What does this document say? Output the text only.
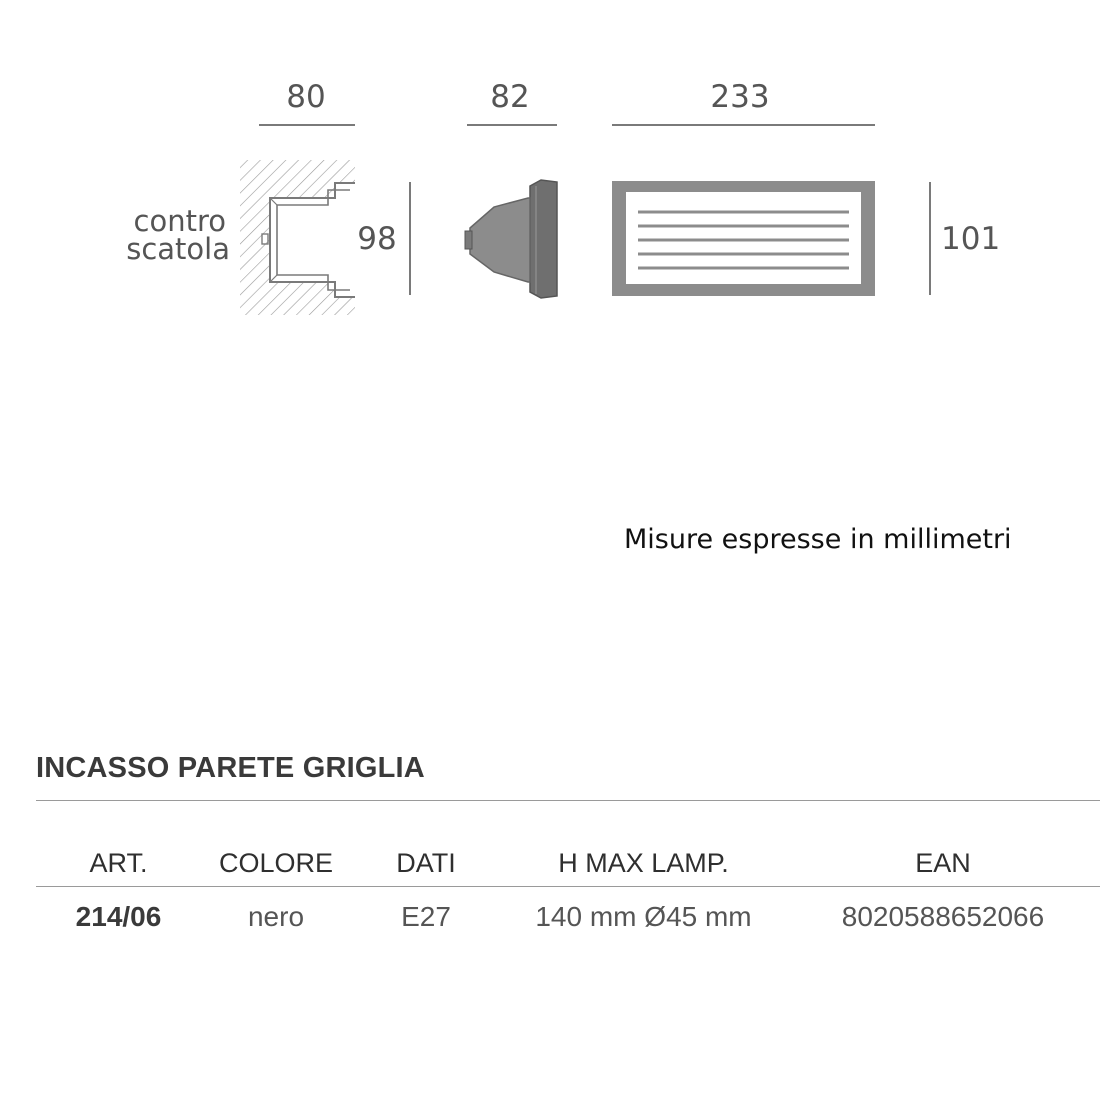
80	82	233
contro
scatola	98	101
Misure espresse in millimetri
INCASSO PARETE GRIGLIA
ART.	COLORE	DATI	H MAX LAMP.	EAN
214/06	nero	E27	140 mm Ø45 mm	8020588652066
